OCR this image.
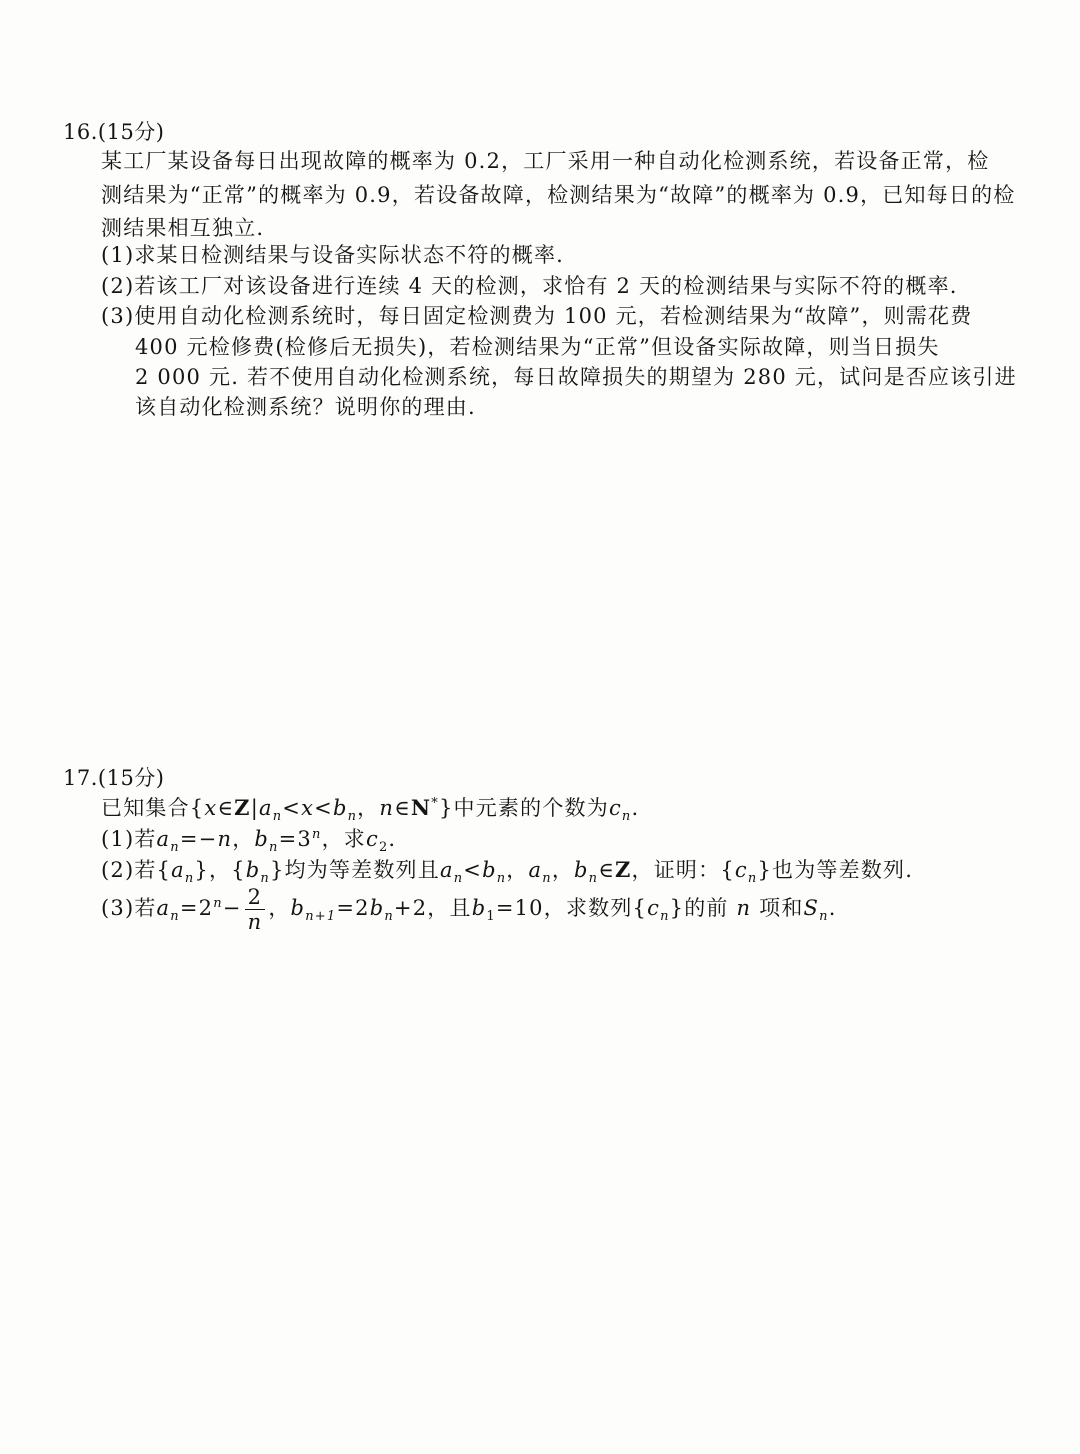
16.(15分)
某工厂某设备每日出现故障的概率为 0.2，工厂采用一种自动化检测系统，若设备正常，检
测结果为“正常”的概率为 0.9，若设备故障，检测结果为“故障”的概率为 0.9，已知每日的检
测结果相互独立.
(1)求某日检测结果与设备实际状态不符的概率.
(2)若该工厂对该设备进行连续 4 天的检测，求恰有 2 天的检测结果与实际不符的概率.
(3)使用自动化检测系统时，每日固定检测费为 100 元，若检测结果为“故障”，则需花费
400 元检修费(检修后无损失)，若检测结果为“正常”但设备实际故障，则当日损失
2 000 元. 若不使用自动化检测系统，每日故障损失的期望为 280 元，试问是否应该引进
该自动化检测系统？说明你的理由.
17.(15分)
已知集合{$x\in Z|a_n<x<b_n$，n∈N*}中元素的个数为$c_n$.
(1)若$a_n=-n$，$b_n=3^n$，求$c_2$.
(2)若$\{a_n\}$，$\{b_n\}$均为等差数列且$a_n<b_n$，$a_n$，$b_n\in Z$，证明：$\{c_n\}$也为等差数列.
(3)若$a_n=2^n- \frac{2}{n}$ ，$b_{n+1}=2b_n+2$，且$b_1=10$，求数列$\{c_n\}$的前 n 项和$S_n$.
